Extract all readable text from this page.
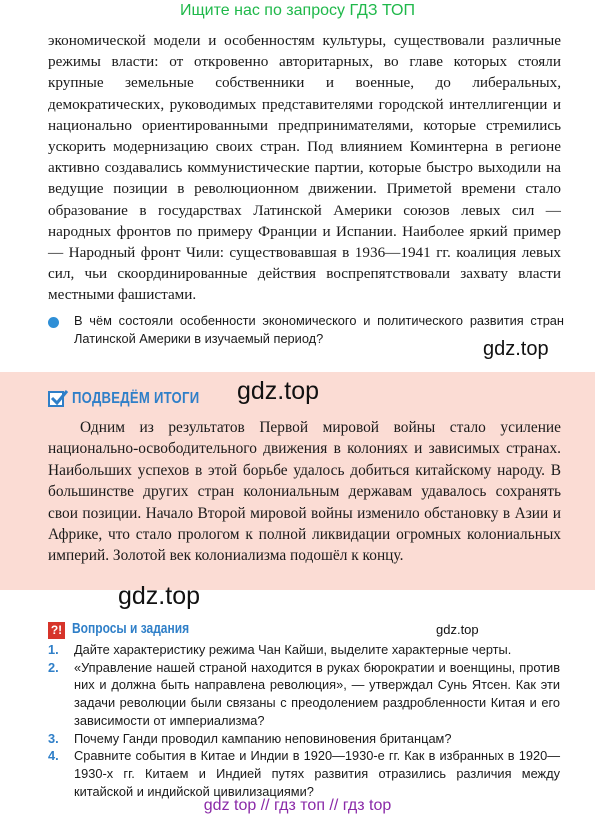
Ищите нас по запросу ГДЗ ТОП

экономической модели и особенностям культуры, существовали различные режимы власти: от откровенно авторитарных, во главе которых стояли крупные земельные собственники и военные, до либеральных, демократических, руководимых представителями городской интеллигенции и национально ориентированными предпринимателями, которые стремились ускорить модернизацию своих стран. Под влиянием Коминтерна в регионе активно создавались коммунистические партии, которые быстро выходили на ведущие позиции в революционном движении. Приметой времени стало образование в государствах Латинской Америки союзов левых сил — народных фронтов по примеру Франции и Испании. Наиболее яркий пример — Народный фронт Чили: существовавшая в 1936—1941 гг. коалиция левых сил, чьи скоординированные действия воспрепятствовали захвату власти местными фашистами.

В чём состояли особенности экономического и политического развития стран Латинской Америки в изучаемый период?

ПОДВЕДЁМ ИТОГИ

Одним из результатов Первой мировой войны стало усиление национально-освободительного движения в колониях и зависимых странах. Наибольших успехов в этой борьбе удалось добиться китайскому народу. В большинстве других стран колониальным державам удавалось сохранять свои позиции. Начало Второй мировой войны изменило обстановку в Азии и Африке, что стало прологом к полной ликвидации огромных колониальных империй. Золотой век колониализма подошёл к концу.

gdz.top
gdz.top
gdz.top
gdz.top
?! Вопросы и задания
1. Дайте характеристику режима Чан Кайши, выделите характерные черты.
2. «Управление нашей страной находится в руках бюрократии и военщины, против них и должна быть направлена революция», — утверждал Сунь Ятсен. Как эти задачи революции были связаны с преодолением раздробленности Китая и его зависимости от империализма?
3. Почему Ганди проводил кампанию неповиновения британцам?
4. Сравните события в Китае и Индии в 1920—1930-е гг. Как в избранных в 1920—1930-х гг. Китаем и Индией путях развития отразились различия между китайской и индийской цивилизациями?
gdz top // гдз топ // гдз top
